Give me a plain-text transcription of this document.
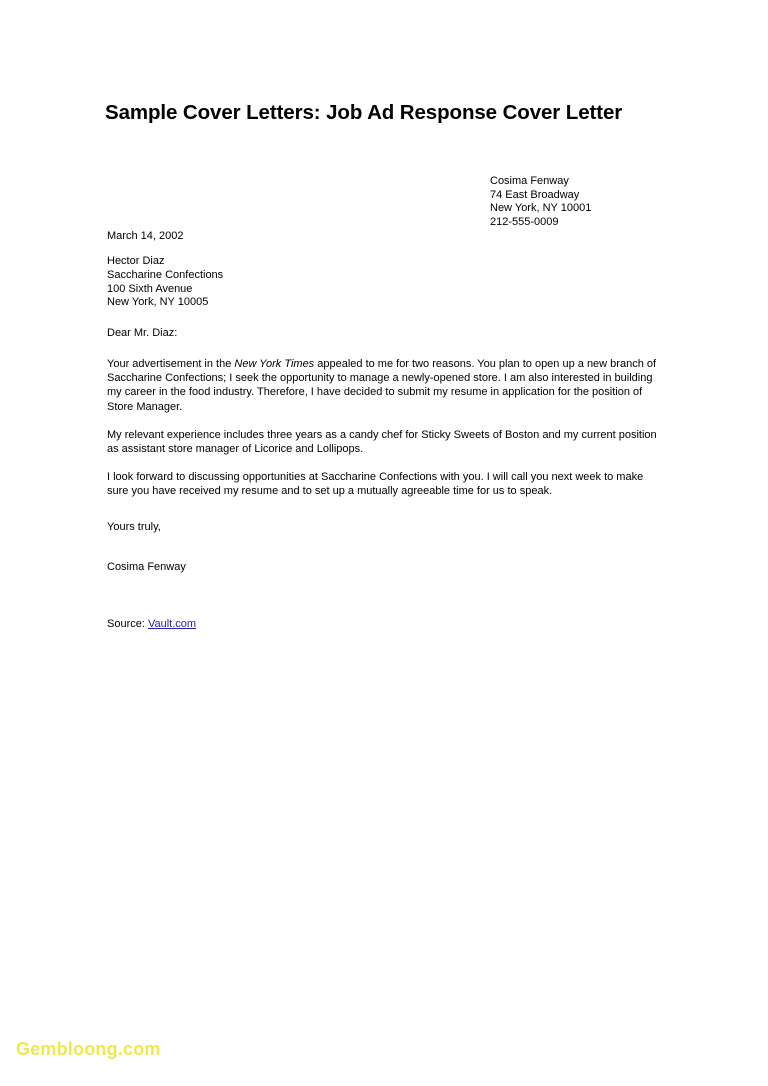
Sample Cover Letters: Job Ad Response Cover Letter
Cosima Fenway
74 East Broadway
New York, NY 10001
212-555-0009
March 14, 2002
Hector Diaz
Saccharine Confections
100 Sixth Avenue
New York, NY 10005
Dear Mr. Diaz:

Your advertisement in the New York Times appealed to me for two reasons. You plan to open up a new branch of Saccharine Confections; I seek the opportunity to manage a newly-opened store. I am also interested in building my career in the food industry. Therefore, I have decided to submit my resume in application for the position of Store Manager.

My relevant experience includes three years as a candy chef for Sticky Sweets of Boston and my current position as assistant store manager of Licorice and Lollipops.

I look forward to discussing opportunities at Saccharine Confections with you. I will call you next week to make sure you have received my resume and to set up a mutually agreeable time for us to speak.

Yours truly,
Cosima Fenway
Source: Vault.com
Gembloong.com
